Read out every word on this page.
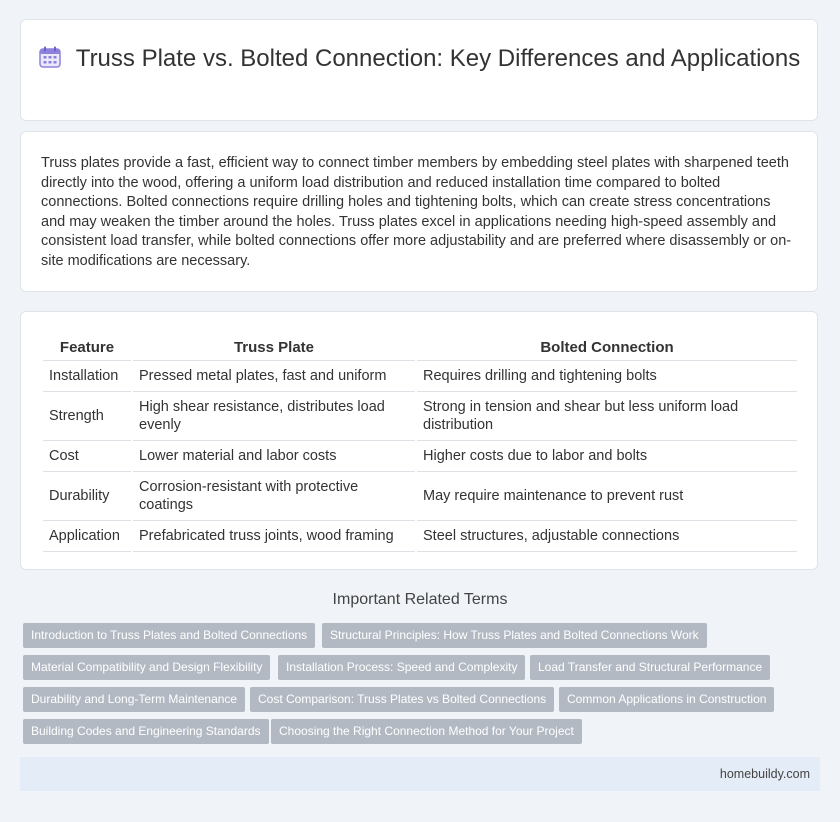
Truss Plate vs. Bolted Connection: Key Differences and Applications

Truss plates provide a fast, efficient way to connect timber members by embedding steel plates with sharpened teeth directly into the wood, offering a uniform load distribution and reduced installation time compared to bolted connections. Bolted connections require drilling holes and tightening bolts, which can create stress concentrations and may weaken the timber around the holes. Truss plates excel in applications needing high-speed assembly and consistent load transfer, while bolted connections offer more adjustability and are preferred where disassembly or on-site modifications are necessary.

Feature	Truss Plate	Bolted Connection
Installation	Pressed metal plates, fast and uniform	Requires drilling and tightening bolts
Strength	High shear resistance, distributes load evenly	Strong in tension and shear but less uniform load distribution
Cost	Lower material and labor costs	Higher costs due to labor and bolts
Durability	Corrosion-resistant with protective coatings	May require maintenance to prevent rust
Application	Prefabricated truss joints, wood framing	Steel structures, adjustable connections
Important Related Terms
Introduction to Truss Plates and Bolted Connections	Structural Principles: How Truss Plates and Bolted Connections Work
Material Compatibility and Design Flexibility	Installation Process: Speed and Complexity	Load Transfer and Structural Performance
Durability and Long-Term Maintenance	Cost Comparison: Truss Plates vs Bolted Connections	Common Applications in Construction
Building Codes and Engineering Standards	Choosing the Right Connection Method for Your Project
homebuildy.com
